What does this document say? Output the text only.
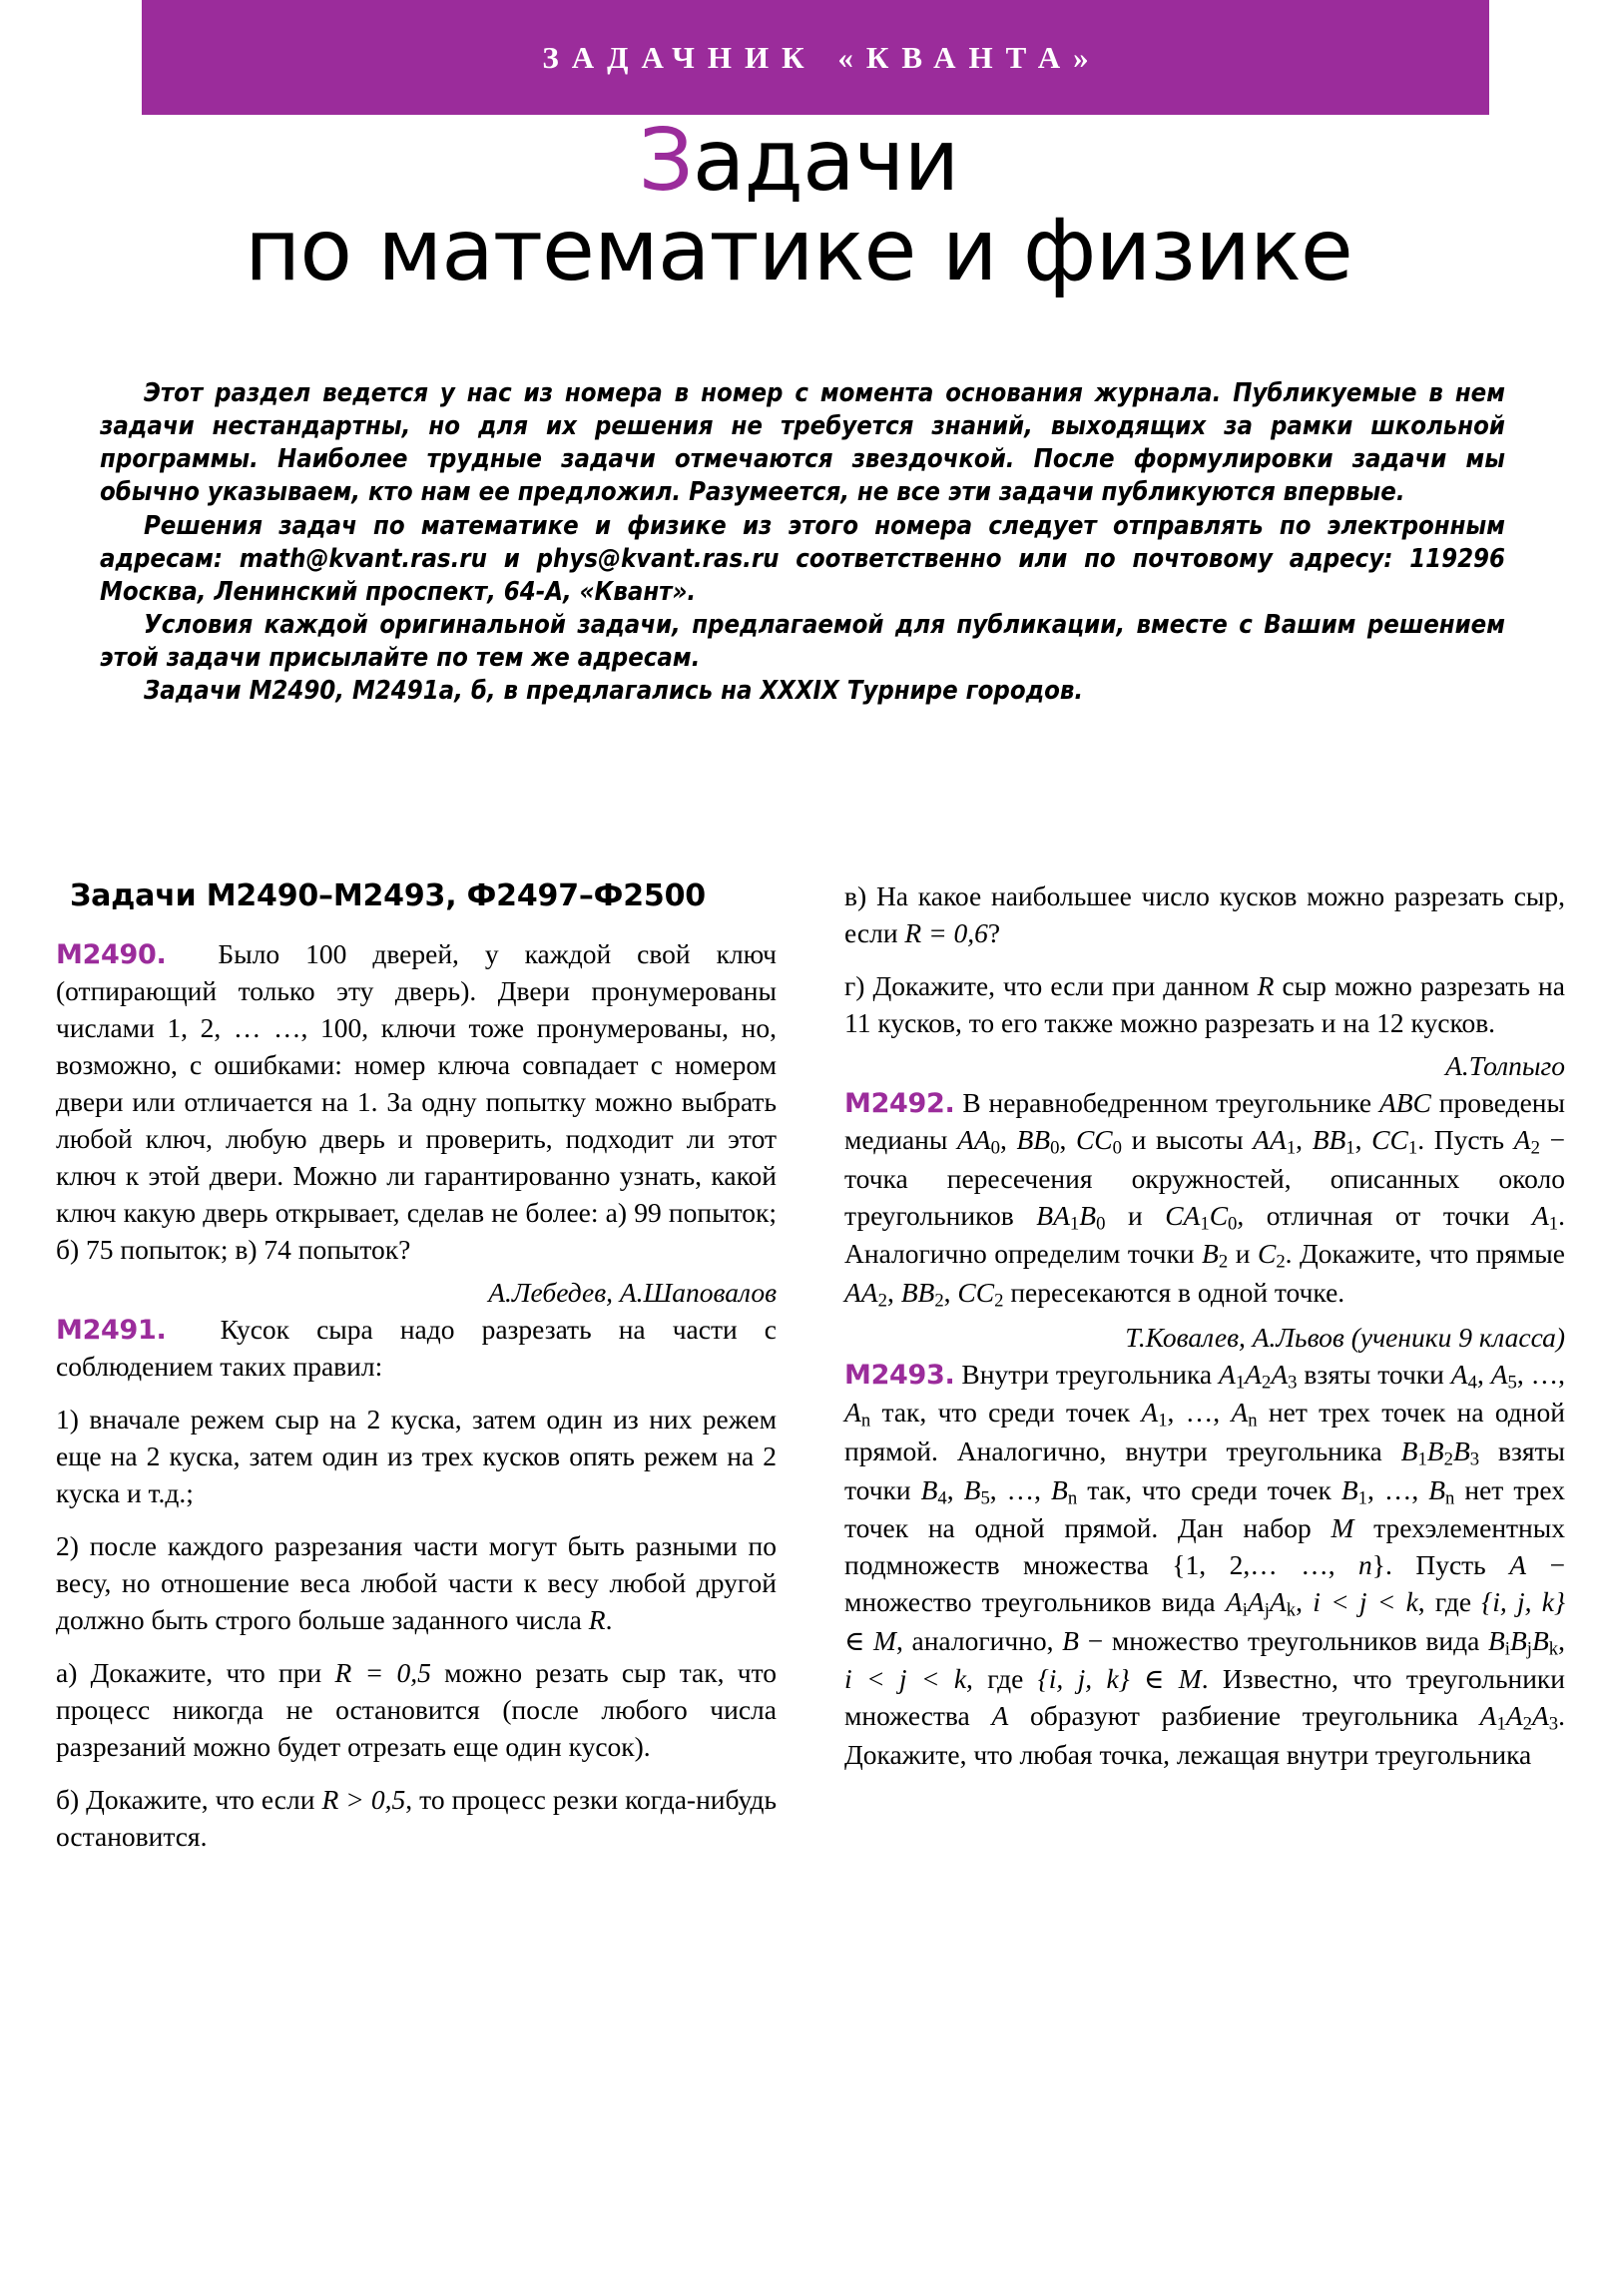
ЗАДАЧНИК «КВАНТА»
Задачи
по математике и физике

Этот раздел ведется у нас из номера в номер с момента основания журнала. Публикуемые в нем задачи нестандартны, но для их решения не требуется знаний, выходящих за рамки школьной программы. Наиболее трудные задачи отмечаются звездочкой. После формулировки задачи мы обычно указываем, кто нам ее предложил. Разумеется, не все эти задачи публикуются впервые.

Решения задач по математике и физике из этого номера следует отправлять по электронным адресам: math@kvant.ras.ru и phys@kvant.ras.ru соответственно или по почтовому адресу: 119296 Москва, Ленинский проспект, 64-А, «Квант».

Условия каждой оригинальной задачи, предлагаемой для публикации, вместе с Вашим решением этой задачи присылайте по тем же адресам.

Задачи М2490, М2491а, б, в предлагались на XXXIX Турнире городов.

Задачи М2490–М2493, Ф2497–Ф2500

М2490. Было 100 дверей, у каждой свой ключ (отпирающий только эту дверь). Двери пронумерованы числами 1, 2, … …, 100, ключи тоже пронумерованы, но, возможно, с ошибками: номер ключа совпадает с номером двери или отличается на 1. За одну попытку можно выбрать любой ключ, любую дверь и проверить, подходит ли этот ключ к этой двери. Можно ли гарантированно узнать, какой ключ какую дверь открывает, сделав не более: а) 99 попыток; б) 75 попыток; в) 74 попыток?

А.Лебедев, А.Шаповалов

М2491. Кусок сыра надо разрезать на части с соблюдением таких правил:

1) вначале режем сыр на 2 куска, затем один из них режем еще на 2 куска, затем один из трех кусков опять режем на 2 куска и т.д.;

2) после каждого разрезания части могут быть разными по весу, но отношение веса любой части к весу любой другой должно быть строго больше заданного числа R.

а) Докажите, что при R = 0,5 можно резать сыр так, что процесс никогда не остановится (после любого числа разрезаний можно будет отрезать еще один кусок).

б) Докажите, что если R > 0,5, то процесс резки когда-нибудь остановится.

в) На какое наибольшее число кусков можно разрезать сыр, если R = 0,6?

г) Докажите, что если при данном R сыр можно разрезать на 11 кусков, то его также можно разрезать и на 12 кусков.

А.Толпыго

М2492. В неравнобедренном треугольнике ABC проведены медианы $AA_0$, $BB_0$, $CC_0$ и высоты $AA_1$, $BB_1$, $CC_1$. Пусть $A_2$ − точка пересечения окружностей, описанных около треугольников $BA_1B_0$ и $CA_1C_0$, отличная от точки $A_1$. Аналогично определим точки $B_2$ и $C_2$. Докажите, что прямые $AA_2$, $BB_2$, $CC_2$ пересекаются в одной точке.

Т.Ковалев, А.Львов (ученики 9 класса)

М2493. Внутри треугольника $A_1A_2A_3$ взяты точки $A_4$, $A_5$, …, $A_n$ так, что среди точек $A_1$, …, $A_n$ нет трех точек на одной прямой. Аналогично, внутри треугольника $B_1B_2B_3$ взяты точки $B_4$, $B_5$, …, $B_n$ так, что среди точек $B_1$, …, $B_n$ нет трех точек на одной прямой. Дан набор M трехэлементных подмножеств множества {1, 2,… …, n}. Пусть A − множество треугольников вида $A_iA_jA_k$, i < j < k, где {i, j, k} ∈ M, аналогично, B − множество треугольников вида $B_iB_jB_k$, i < j < k, где {i, j, k} ∈ M. Известно, что треугольники множества A образуют разбиение треугольника $A_1A_2A_3$. Докажите, что любая точка, лежащая внутри треугольника
